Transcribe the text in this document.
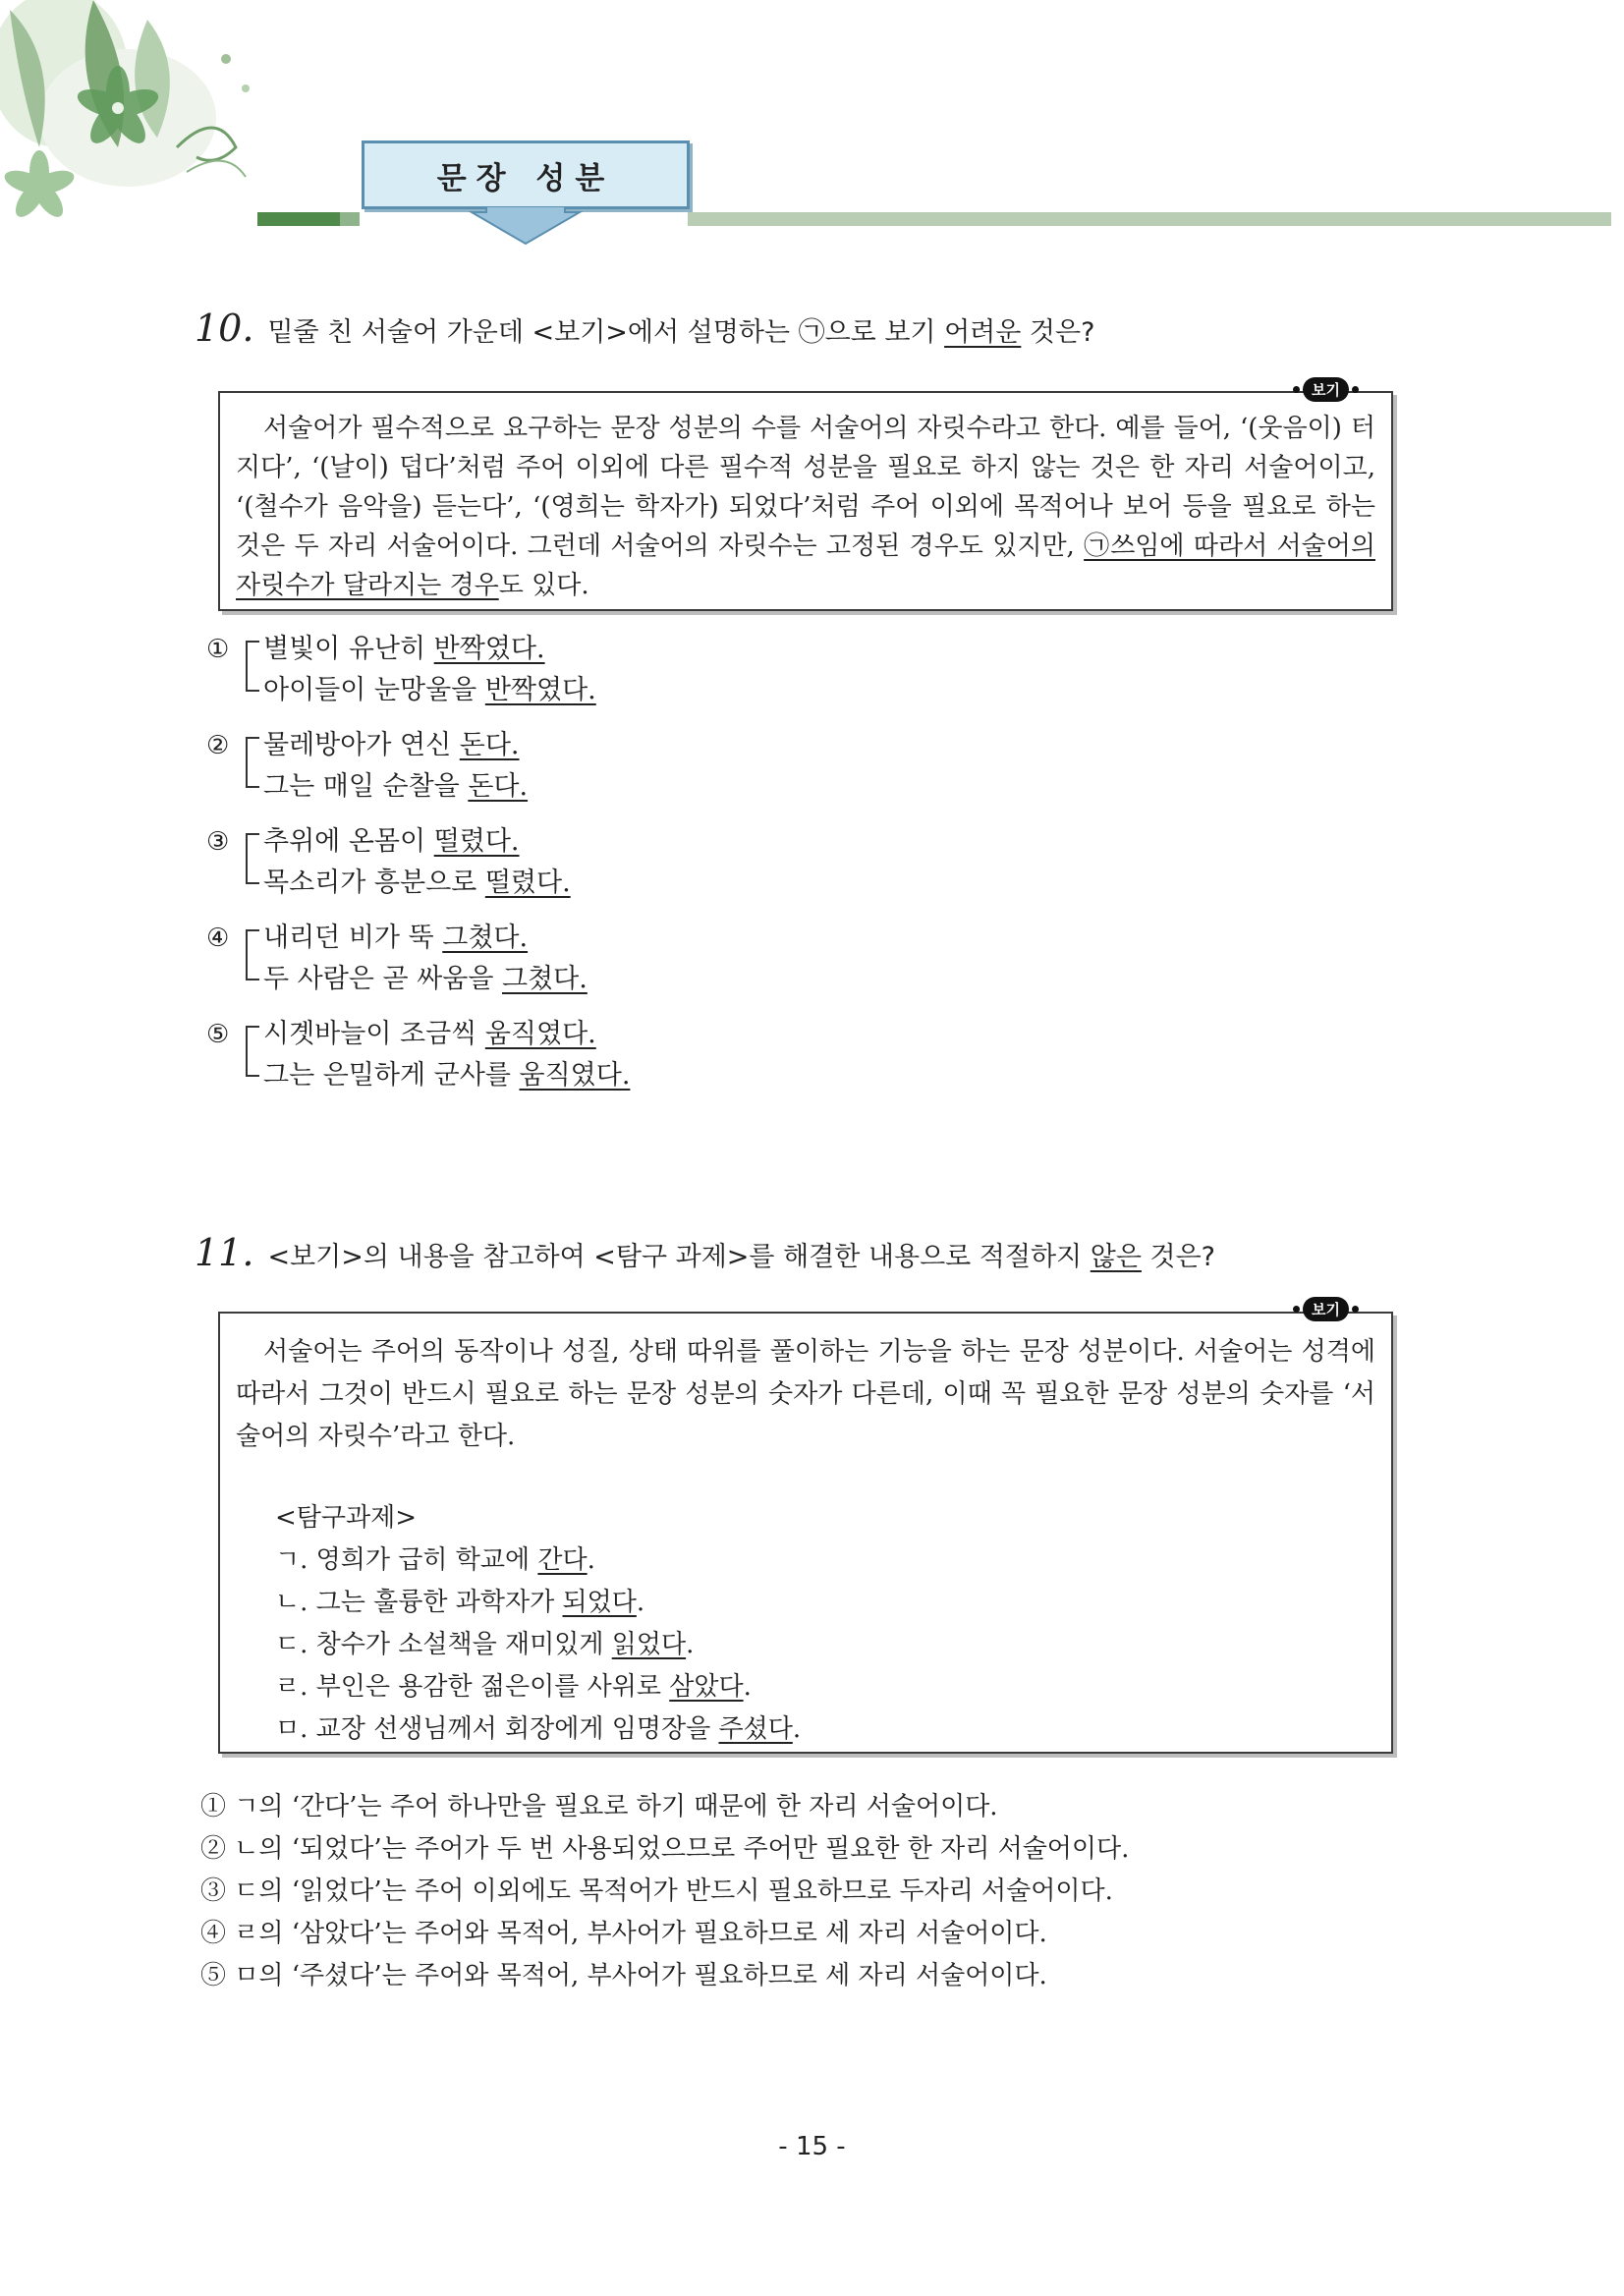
문장 성분
10. 밑줄 친 서술어 가운데 <보기>에서 설명하는 ㉠으로 보기 어려운 것은?

서술어가 필수적으로 요구하는 문장 성분의 수를 서술어의 자릿수라고 한다. 예를 들어, ‘(웃음이) 터지다’, ‘(날이) 덥다’처럼 주어 이외에 다른 필수적 성분을 필요로 하지 않는 것은 한 자리 서술어이고, ‘(철수가 음악을) 듣는다’, ‘(영희는 학자가) 되었다’처럼 주어 이외에 목적어나 보어 등을 필요로 하는 것은 두 자리 서술어이다. 그런데 서술어의 자릿수는 고정된 경우도 있지만, ㉠쓰임에 따라서 서술어의 자릿수가 달라지는 경우도 있다.

보기
① 별빛이 유난히 반짝였다.
아이들이 눈망울을 반짝였다.
② 물레방아가 연신 돈다.
그는 매일 순찰을 돈다.
③ 추위에 온몸이 떨렸다.
목소리가 흥분으로 떨렸다.
④ 내리던 비가 뚝 그쳤다.
두 사람은 곧 싸움을 그쳤다.
⑤ 시곗바늘이 조금씩 움직였다.
그는 은밀하게 군사를 움직였다.
11. <보기>의 내용을 참고하여 <탐구 과제>를 해결한 내용으로 적절하지 않은 것은?

서술어는 주어의 동작이나 성질, 상태 따위를 풀이하는 기능을 하는 문장 성분이다. 서술어는 성격에 따라서 그것이 반드시 필요로 하는 문장 성분의 숫자가 다른데, 이때 꼭 필요한 문장 성분의 숫자를 ‘서술어의 자릿수’라고 한다.

<탐구과제>
ㄱ. 영희가 급히 학교에 간다.
ㄴ. 그는 훌륭한 과학자가 되었다.
ㄷ. 창수가 소설책을 재미있게 읽었다.
ㄹ. 부인은 용감한 젊은이를 사위로 삼았다.
ㅁ. 교장 선생님께서 회장에게 임명장을 주셨다.
보기
① ㄱ의 ‘간다’는 주어 하나만을 필요로 하기 때문에 한 자리 서술어이다.
② ㄴ의 ‘되었다’는 주어가 두 번 사용되었으므로 주어만 필요한 한 자리 서술어이다.
③ ㄷ의 ‘읽었다’는 주어 이외에도 목적어가 반드시 필요하므로 두자리 서술어이다.
④ ㄹ의 ‘삼았다’는 주어와 목적어, 부사어가 필요하므로 세 자리 서술어이다.
⑤ ㅁ의 ‘주셨다’는 주어와 목적어, 부사어가 필요하므로 세 자리 서술어이다.
- 15 -
